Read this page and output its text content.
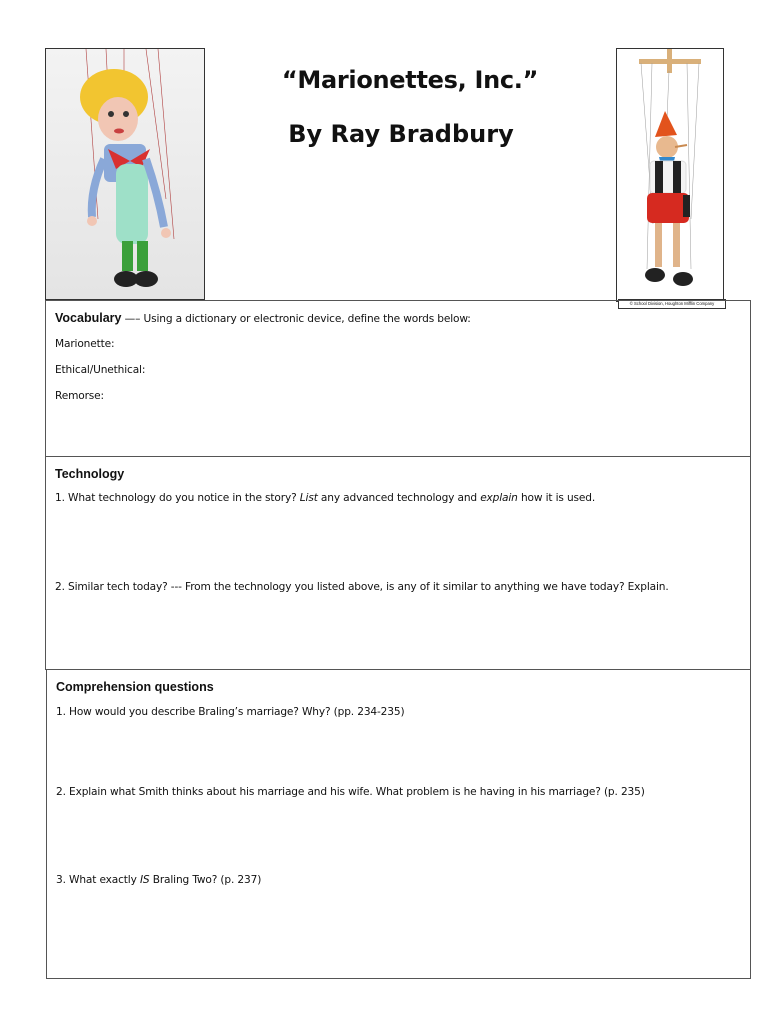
“Marionettes, Inc.”
By Ray Bradbury
© School Division, Houghton Mifflin Company
Vocabulary —– Using a dictionary or electronic device, define the words below:
Marionette:
Ethical/Unethical:
Remorse:
Technology
1. What technology do you notice in the story? List any advanced technology and explain how it is used.
2. Similar tech today? --- From the technology you listed above, is any of it similar to anything we have today? Explain.
Comprehension questions
1. How would you describe Braling’s marriage? Why? (pp. 234-235)
2. Explain what Smith thinks about his marriage and his wife. What problem is he having in his marriage? (p. 235)
3. What exactly IS Braling Two? (p. 237)
